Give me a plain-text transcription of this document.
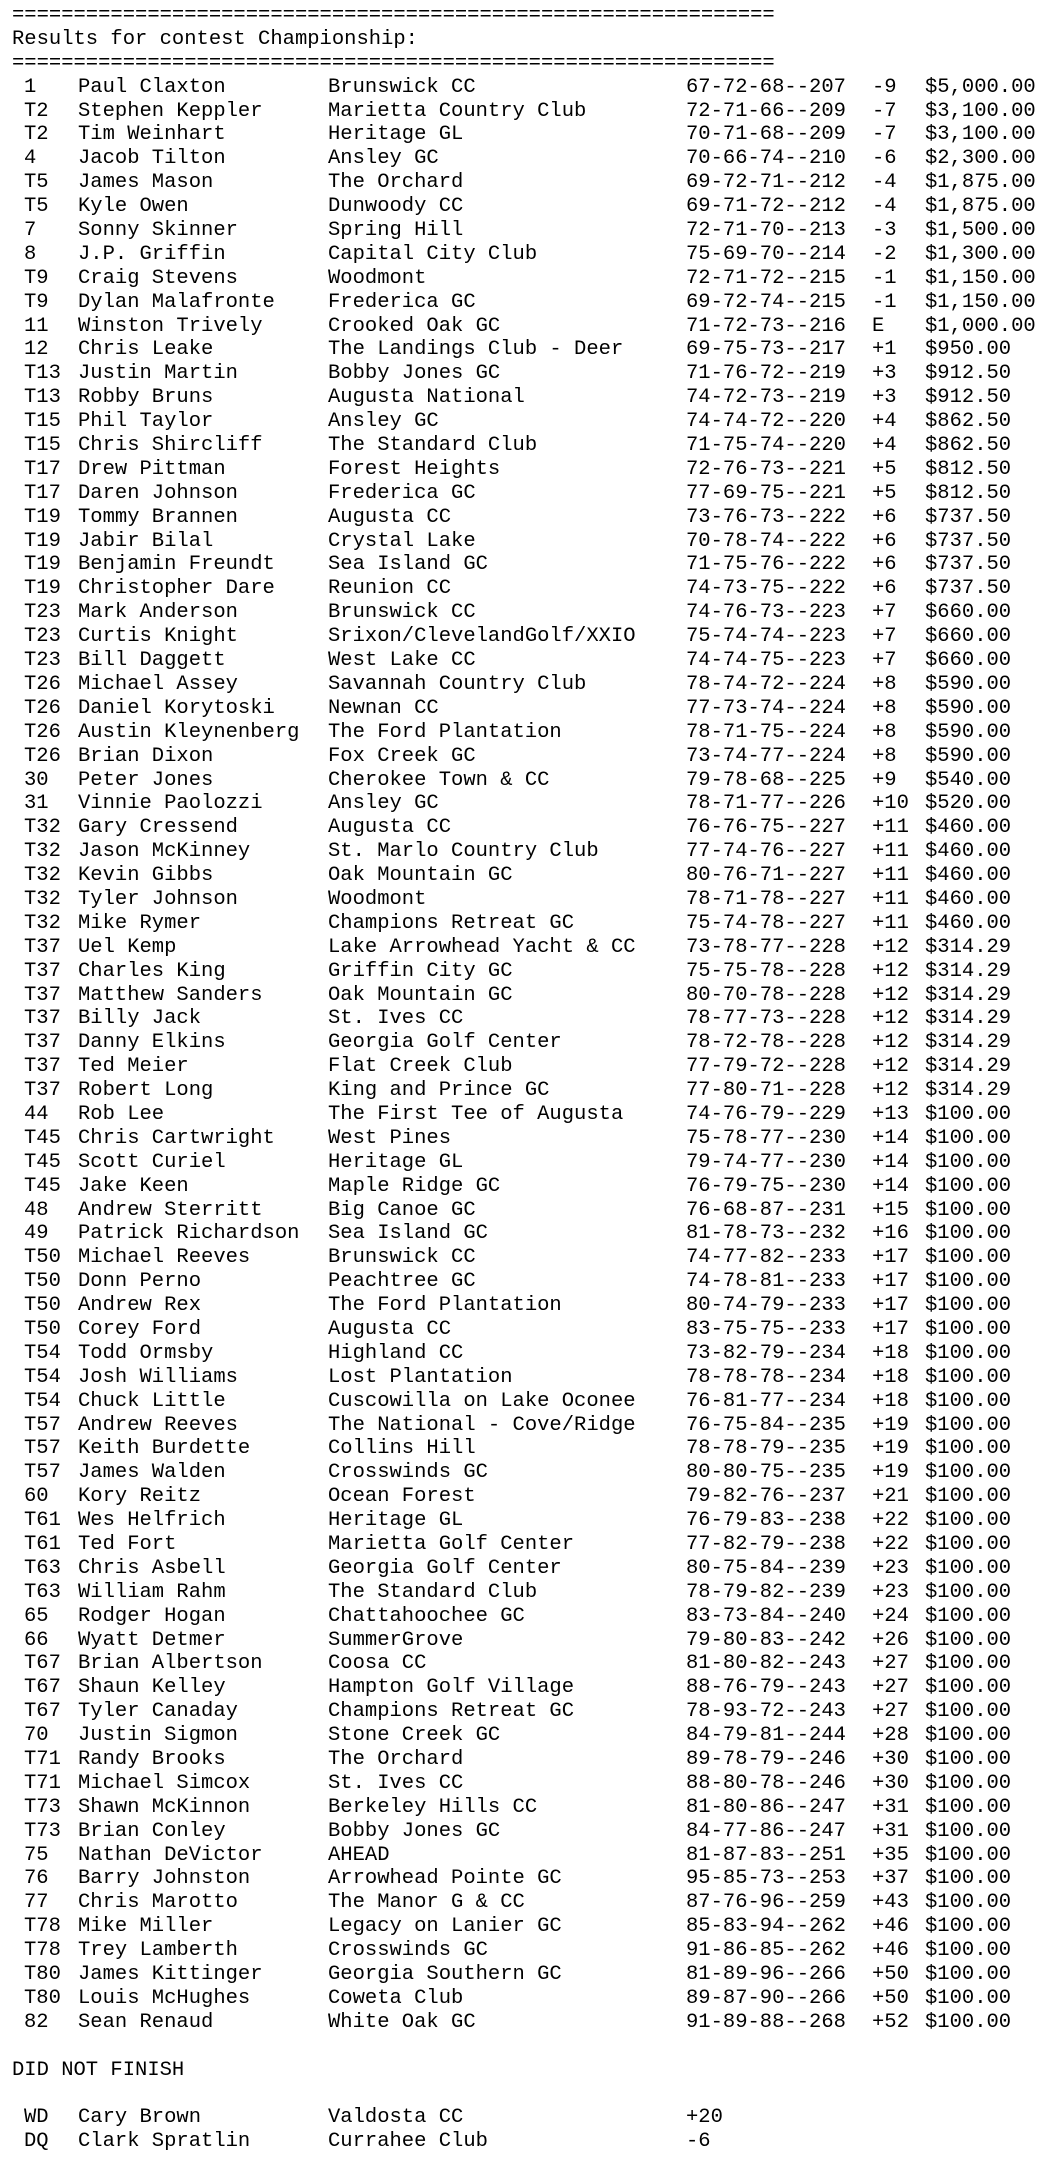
==============================================================
Results for contest Championship:
==============================================================
1 Paul Claxton	Brunswick CC	67-72-68--207 -9 $5,000.00
T2 Stephen Keppler	Marietta Country Club	72-71-66--209 -7 $3,100.00
T2 Tim Weinhart	Heritage GL	70-71-68--209 -7 $3,100.00
4 Jacob Tilton	Ansley GC	70-66-74--210 -6 $2,300.00
T5 James Mason	The Orchard	69-72-71--212 -4 $1,875.00
T5 Kyle Owen	Dunwoody CC	69-71-72--212 -4 $1,875.00
7 Sonny Skinner	Spring Hill	72-71-70--213 -3 $1,500.00
8 J.P. Griffin	Capital City Club	75-69-70--214 -2 $1,300.00
T9 Craig Stevens	Woodmont	72-71-72--215 -1 $1,150.00
T9 Dylan Malafronte	Frederica GC	69-72-74--215 -1 $1,150.00
11 Winston Trively	Crooked Oak GC	71-72-73--216 E $1,000.00
12 Chris Leake	The Landings Club - Deer	69-75-73--217 +1 $950.00
T13 Justin Martin	Bobby Jones GC	71-76-72--219 +3 $912.50
T13 Robby Bruns	Augusta National	74-72-73--219 +3 $912.50
T15 Phil Taylor	Ansley GC	74-74-72--220 +4 $862.50
T15 Chris Shircliff	The Standard Club	71-75-74--220 +4 $862.50
T17 Drew Pittman	Forest Heights	72-76-73--221 +5 $812.50
T17 Daren Johnson	Frederica GC	77-69-75--221 +5 $812.50
T19 Tommy Brannen	Augusta CC	73-76-73--222 +6 $737.50
T19 Jabir Bilal	Crystal Lake	70-78-74--222 +6 $737.50
T19 Benjamin Freundt	Sea Island GC	71-75-76--222 +6 $737.50
T19 Christopher Dare	Reunion CC	74-73-75--222 +6 $737.50
T23 Mark Anderson	Brunswick CC	74-76-73--223 +7 $660.00
T23 Curtis Knight	Srixon/ClevelandGolf/XXIO 75-74-74--223 +7 $660.00
T23 Bill Daggett	West Lake CC	74-74-75--223 +7 $660.00
T26 Michael Assey	Savannah Country Club	78-74-72--224 +8 $590.00
T26 Daniel Korytoski	Newnan CC	77-73-74--224 +8 $590.00
T26 Austin Kleynenberg The Ford Plantation	78-71-75--224 +8 $590.00
T26 Brian Dixon	Fox Creek GC	73-74-77--224 +8 $590.00
30 Peter Jones	Cherokee Town & CC	79-78-68--225 +9 $540.00
31 Vinnie Paolozzi	Ansley GC	78-71-77--226 +10 $520.00
T32 Gary Cressend	Augusta CC	76-76-75--227 +11 $460.00
T32 Jason McKinney	St. Marlo Country Club	77-74-76--227 +11 $460.00
T32 Kevin Gibbs	Oak Mountain GC	80-76-71--227 +11 $460.00
T32 Tyler Johnson	Woodmont	78-71-78--227 +11 $460.00
T32 Mike Rymer	Champions Retreat GC	75-74-78--227 +11 $460.00
T37 Uel Kemp	Lake Arrowhead Yacht & CC 73-78-77--228 +12 $314.29
T37 Charles King	Griffin City GC	75-75-78--228 +12 $314.29
T37 Matthew Sanders	Oak Mountain GC	80-70-78--228 +12 $314.29
T37 Billy Jack	St. Ives CC	78-77-73--228 +12 $314.29
T37 Danny Elkins	Georgia Golf Center	78-72-78--228 +12 $314.29
T37 Ted Meier	Flat Creek Club	77-79-72--228 +12 $314.29
T37 Robert Long	King and Prince GC	77-80-71--228 +12 $314.29
44 Rob Lee	The First Tee of Augusta	74-76-79--229 +13 $100.00
T45 Chris Cartwright	West Pines	75-78-77--230 +14 $100.00
T45 Scott Curiel	Heritage GL	79-74-77--230 +14 $100.00
T45 Jake Keen	Maple Ridge GC	76-79-75--230 +14 $100.00
48 Andrew Sterritt	Big Canoe GC	76-68-87--231 +15 $100.00
49 Patrick Richardson Sea Island GC	81-78-73--232 +16 $100.00
T50 Michael Reeves	Brunswick CC	74-77-82--233 +17 $100.00
T50 Donn Perno	Peachtree GC	74-78-81--233 +17 $100.00
T50 Andrew Rex	The Ford Plantation	80-74-79--233 +17 $100.00
T50 Corey Ford	Augusta CC	83-75-75--233 +17 $100.00
T54 Todd Ormsby	Highland CC	73-82-79--234 +18 $100.00
T54 Josh Williams	Lost Plantation	78-78-78--234 +18 $100.00
T54 Chuck Little	Cuscowilla on Lake Oconee 76-81-77--234 +18 $100.00
T57 Andrew Reeves	The National - Cove/Ridge 76-75-84--235 +19 $100.00
T57 Keith Burdette	Collins Hill	78-78-79--235 +19 $100.00
T57 James Walden	Crosswinds GC	80-80-75--235 +19 $100.00
60 Kory Reitz	Ocean Forest	79-82-76--237 +21 $100.00
T61 Wes Helfrich	Heritage GL	76-79-83--238 +22 $100.00
T61 Ted Fort	Marietta Golf Center	77-82-79--238 +22 $100.00
T63 Chris Asbell	Georgia Golf Center	80-75-84--239 +23 $100.00
T63 William Rahm	The Standard Club	78-79-82--239 +23 $100.00
65 Rodger Hogan	Chattahoochee GC	83-73-84--240 +24 $100.00
66 Wyatt Detmer	SummerGrove	79-80-83--242 +26 $100.00
T67 Brian Albertson	Coosa CC	81-80-82--243 +27 $100.00
T67 Shaun Kelley	Hampton Golf Village	88-76-79--243 +27 $100.00
T67 Tyler Canaday	Champions Retreat GC	78-93-72--243 +27 $100.00
70 Justin Sigmon	Stone Creek GC	84-79-81--244 +28 $100.00
T71 Randy Brooks	The Orchard	89-78-79--246 +30 $100.00
T71 Michael Simcox	St. Ives CC	88-80-78--246 +30 $100.00
T73 Shawn McKinnon	Berkeley Hills CC	81-80-86--247 +31 $100.00
T73 Brian Conley	Bobby Jones GC	84-77-86--247 +31 $100.00
75 Nathan DeVictor	AHEAD	81-87-83--251 +35 $100.00
76 Barry Johnston	Arrowhead Pointe GC	95-85-73--253 +37 $100.00
77 Chris Marotto	The Manor G & CC	87-76-96--259 +43 $100.00
T78 Mike Miller	Legacy on Lanier GC	85-83-94--262 +46 $100.00
T78 Trey Lamberth	Crosswinds GC	91-86-85--262 +46 $100.00
T80 James Kittinger	Georgia Southern GC	81-89-96--266 +50 $100.00
T80 Louis McHughes	Coweta Club	89-87-90--266 +50 $100.00
82 Sean Renaud	White Oak GC	91-89-88--268 +52 $100.00
DID NOT FINISH
WD Cary Brown	Valdosta CC	+20
DQ Clark Spratlin	Currahee Club	-6
